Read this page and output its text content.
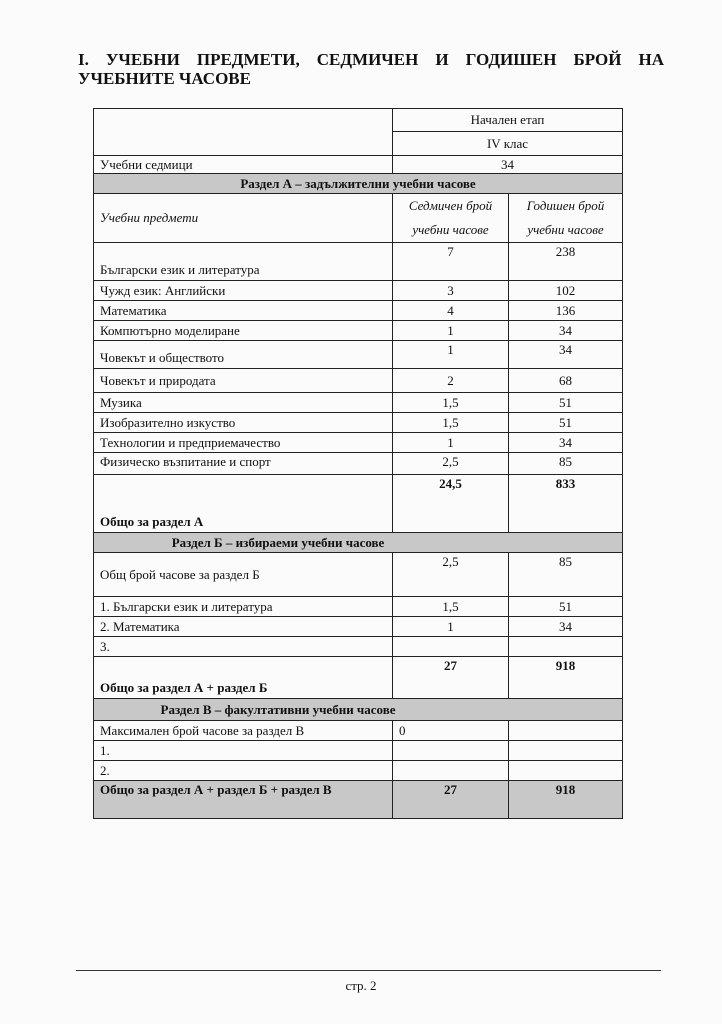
I. УЧЕБНИ ПРЕДМЕТИ, СЕДМИЧЕН И ГОДИШЕН БРОЙ НА УЧЕБНИТЕ ЧАСОВЕ
	Начален етап	
	IV клас	
Учебни седмици	34	
Раздел А – задължителни учебни часове		
Учебни предмети	Седмичен брой учебни часове	Годишен брой учебни часове
Български език и литература	7	238
Чужд език: Английски	3	102
Математика	4	136
Компютърно моделиране	1	34
Човекът и обществото	1	34
Човекът и природата	2	68
Музика	1,5	51
Изобразително изкуство	1,5	51
Технологии и предприемачество	1	34
Физическо възпитание и спорт	2,5	85
Общо за раздел А	24,5	833
Раздел Б – избираеми учебни часове		
Общ брой часове за раздел Б	2,5	85
1. Български език и литература	1,5	51
2. Математика	1	34
3.		
Общо за раздел А + раздел Б	27	918
Раздел В – факултативни учебни часове		
Максимален брой часове за раздел В	0	
1.		
2.		
Общо за раздел А + раздел Б + раздел В	27	918
стр. 2
